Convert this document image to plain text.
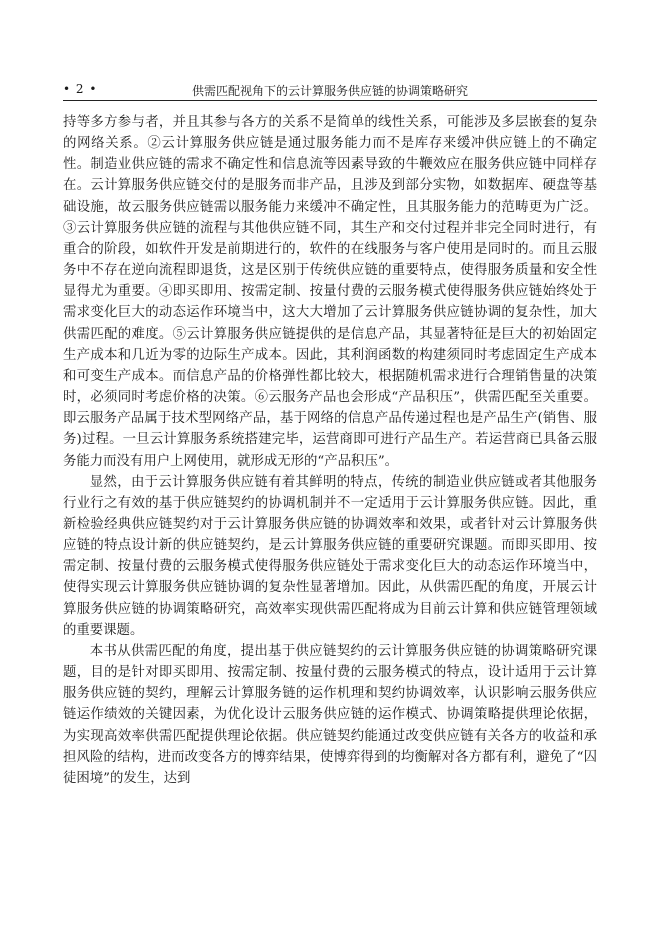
• 2 •	供需匹配视角下的云计算服务供应链的协调策略研究

持等多方参与者，并且其参与各方的关系不是简单的线性关系，可能涉及多层嵌套的复杂的网络关系。②云计算服务供应链是通过服务能力而不是库存来缓冲供应链上的不确定性。制造业供应链的需求不确定性和信息流等因素导致的牛鞭效应在服务供应链中同样存在。云计算服务供应链交付的是服务而非产品，且涉及到部分实物，如数据库、硬盘等基础设施，故云服务供应链需以服务能力来缓冲不确定性，且其服务能力的范畴更为广泛。③云计算服务供应链的流程与其他供应链不同，其生产和交付过程并非完全同时进行，有重合的阶段，如软件开发是前期进行的，软件的在线服务与客户使用是同时的。而且云服务中不存在逆向流程即退货，这是区别于传统供应链的重要特点，使得服务质量和安全性显得尤为重要。④即买即用、按需定制、按量付费的云服务模式使得服务供应链始终处于需求变化巨大的动态运作环境当中，这大大增加了云计算服务供应链协调的复杂性，加大供需匹配的难度。⑤云计算服务供应链提供的是信息产品，其显著特征是巨大的初始固定生产成本和几近为零的边际生产成本。因此，其利润函数的构建须同时考虑固定生产成本和可变生产成本。而信息产品的价格弹性都比较大，根据随机需求进行合理销售量的决策时，必须同时考虑价格的决策。⑥云服务产品也会形成“产品积压”，供需匹配至关重要。即云服务产品属于技术型网络产品，基于网络的信息产品传递过程也是产品生产(销售、服务)过程。一旦云计算服务系统搭建完毕，运营商即可进行产品生产。若运营商已具备云服务能力而没有用户上网使用，就形成无形的“产品积压”。

显然，由于云计算服务供应链有着其鲜明的特点，传统的制造业供应链或者其他服务行业行之有效的基于供应链契约的协调机制并不一定适用于云计算服务供应链。因此，重新检验经典供应链契约对于云计算服务供应链的协调效率和效果，或者针对云计算服务供应链的特点设计新的供应链契约，是云计算服务供应链的重要研究课题。而即买即用、按需定制、按量付费的云服务模式使得服务供应链处于需求变化巨大的动态运作环境当中，使得实现云计算服务供应链协调的复杂性显著增加。因此，从供需匹配的角度，开展云计算服务供应链的协调策略研究，高效率实现供需匹配将成为目前云计算和供应链管理领域的重要课题。

本书从供需匹配的角度，提出基于供应链契约的云计算服务供应链的协调策略研究课题，目的是针对即买即用、按需定制、按量付费的云服务模式的特点，设计适用于云计算服务供应链的契约，理解云计算服务链的运作机理和契约协调效率，认识影响云服务供应链运作绩效的关键因素，为优化设计云服务供应链的运作模式、协调策略提供理论依据，为实现高效率供需匹配提供理论依据。供应链契约能通过改变供应链有关各方的收益和承担风险的结构，进而改变各方的博弈结果，使博弈得到的均衡解对各方都有利，避免了“囚徒困境”的发生，达到
